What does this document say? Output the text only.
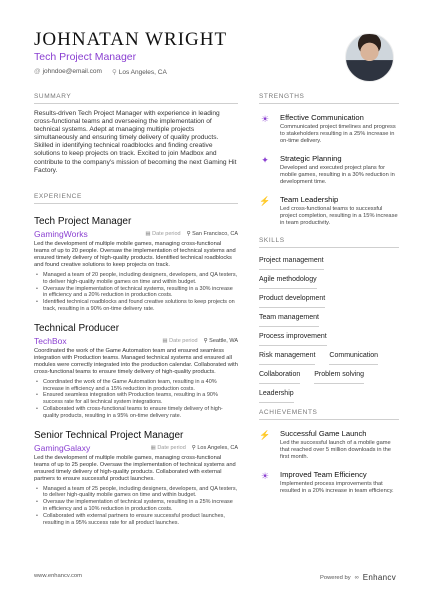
JOHNATAN WRIGHT
Tech Project Manager
@ johndoe@email.com ⚲ Los Angeles, CA
SUMMARY
Results-driven Tech Project Manager with experience in leading cross-functional teams and overseeing the implementation of technical systems. Adept at managing multiple projects simultaneously and ensuring timely delivery of quality products. Skilled in identifying technical roadblocks and finding creative solutions to keep projects on track. Excited to join Madbox and contribute to the company's mission of becoming the next Gaming Hit Factory.
EXPERIENCE
Tech Project Manager
GamingWorks	▦ Date period ⚲ San Francisco, CA
Led the development of multiple mobile games, managing cross-functional teams of up to 20 people. Oversaw the implementation of technical systems and ensured timely delivery of high-quality products. Identified technical roadblocks and found creative solutions to keep projects on track.
• Managed a team of 20 people, including designers, developers, and QA testers, to deliver high-quality mobile games on time and within budget.
• Oversaw the implementation of technical systems, resulting in a 30% increase in efficiency and a 20% reduction in production costs.
• Identified technical roadblocks and found creative solutions to keep projects on track, resulting in a 90% on-time delivery rate.
Technical Producer
TechBox	▦ Date period ⚲ Seattle, WA
Coordinated the work of the Game Automation team and ensured seamless integration with Production teams. Managed technical systems and ensured all modules were correctly integrated into the production calendar. Collaborated with cross-functional teams to ensure timely delivery of high-quality products.
• Coordinated the work of the Game Automation team, resulting in a 40% increase in efficiency and a 15% reduction in production costs.
• Ensured seamless integration with Production teams, resulting in a 90% success rate for all technical system integrations.
• Collaborated with cross-functional teams to ensure timely delivery of high-quality products, resulting in a 95% on-time delivery rate.
Senior Technical Project Manager
GamingGalaxy	▦ Date period ⚲ Los Angeles, CA
Led the development of multiple mobile games, managing cross-functional teams of up to 25 people. Oversaw the implementation of technical systems and ensured timely delivery of high-quality products. Collaborated with external partners to ensure successful product launches.
• Managed a team of 25 people, including designers, developers, and QA testers, to deliver high-quality mobile games on time and within budget.
• Oversaw the implementation of technical systems, resulting in a 25% increase in efficiency and a 10% reduction in production costs.
• Collaborated with external partners to ensure successful product launches, resulting in a 95% success rate for all product launches.
STRENGTHS
☀ Effective Communication
Communicated project timelines and progress to stakeholders resulting in a 25% increase in on-time delivery.
✦ Strategic Planning
Developed and executed project plans for mobile games, resulting in a 30% reduction in development time.
⚡ Team Leadership
Led cross-functional teams to successful project completion, resulting in a 15% increase in team productivity.
SKILLS
Project management
Agile methodology
Product development
Team management
Process improvement
Risk management Communication
Collaboration Problem solving
Leadership
ACHIEVEMENTS
⚡ Successful Game Launch
Led the successful launch of a mobile game that reached over 5 million downloads in the first month.
☀ Improved Team Efficiency
Implemented process improvements that resulted in a 20% increase in team efficiency.
www.enhancv.com	Powered by ∞ Enhancv
